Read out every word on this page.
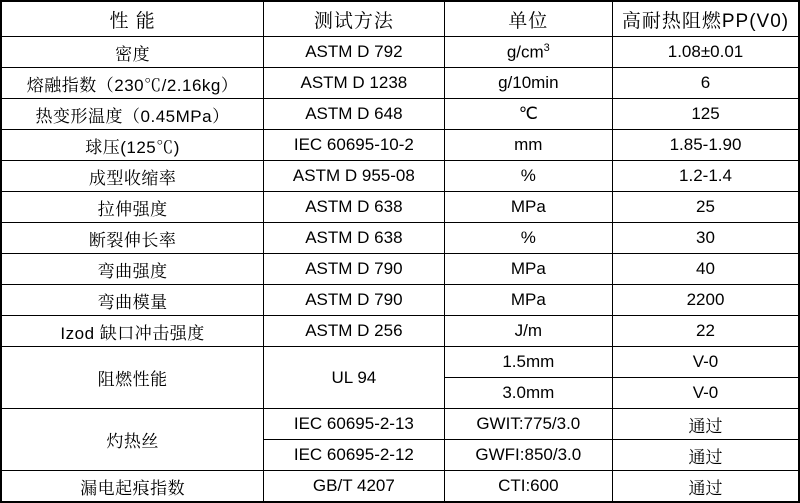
性 能	测试方法	单位	高耐热阻燃PP(V0)
密度	ASTM D 792	$g/cm^3$	1.08±0.01
熔融指数（230℃/2.16kg）	ASTM D 1238	g/10min	6
热变形温度（0.45MPa）	ASTM D 648	℃	125
球压(125℃)	IEC 60695-10-2	mm	1.85-1.90
成型收缩率	ASTM D 955-08	%	1.2-1.4
拉伸强度	ASTM D 638	MPa	25
断裂伸长率	ASTM D 638	%	30
弯曲强度	ASTM D 790	MPa	40
弯曲模量	ASTM D 790	MPa	2200
Izod 缺口冲击强度	ASTM D 256	J/m	22
阻燃性能	UL 94	1.5mm	V-0
		3.0mm	V-0
灼热丝	IEC 60695-2-13	GWIT:775/3.0	通过
	IEC 60695-2-12	GWFI:850/3.0	通过
漏电起痕指数	GB/T 4207	CTI:600	通过
